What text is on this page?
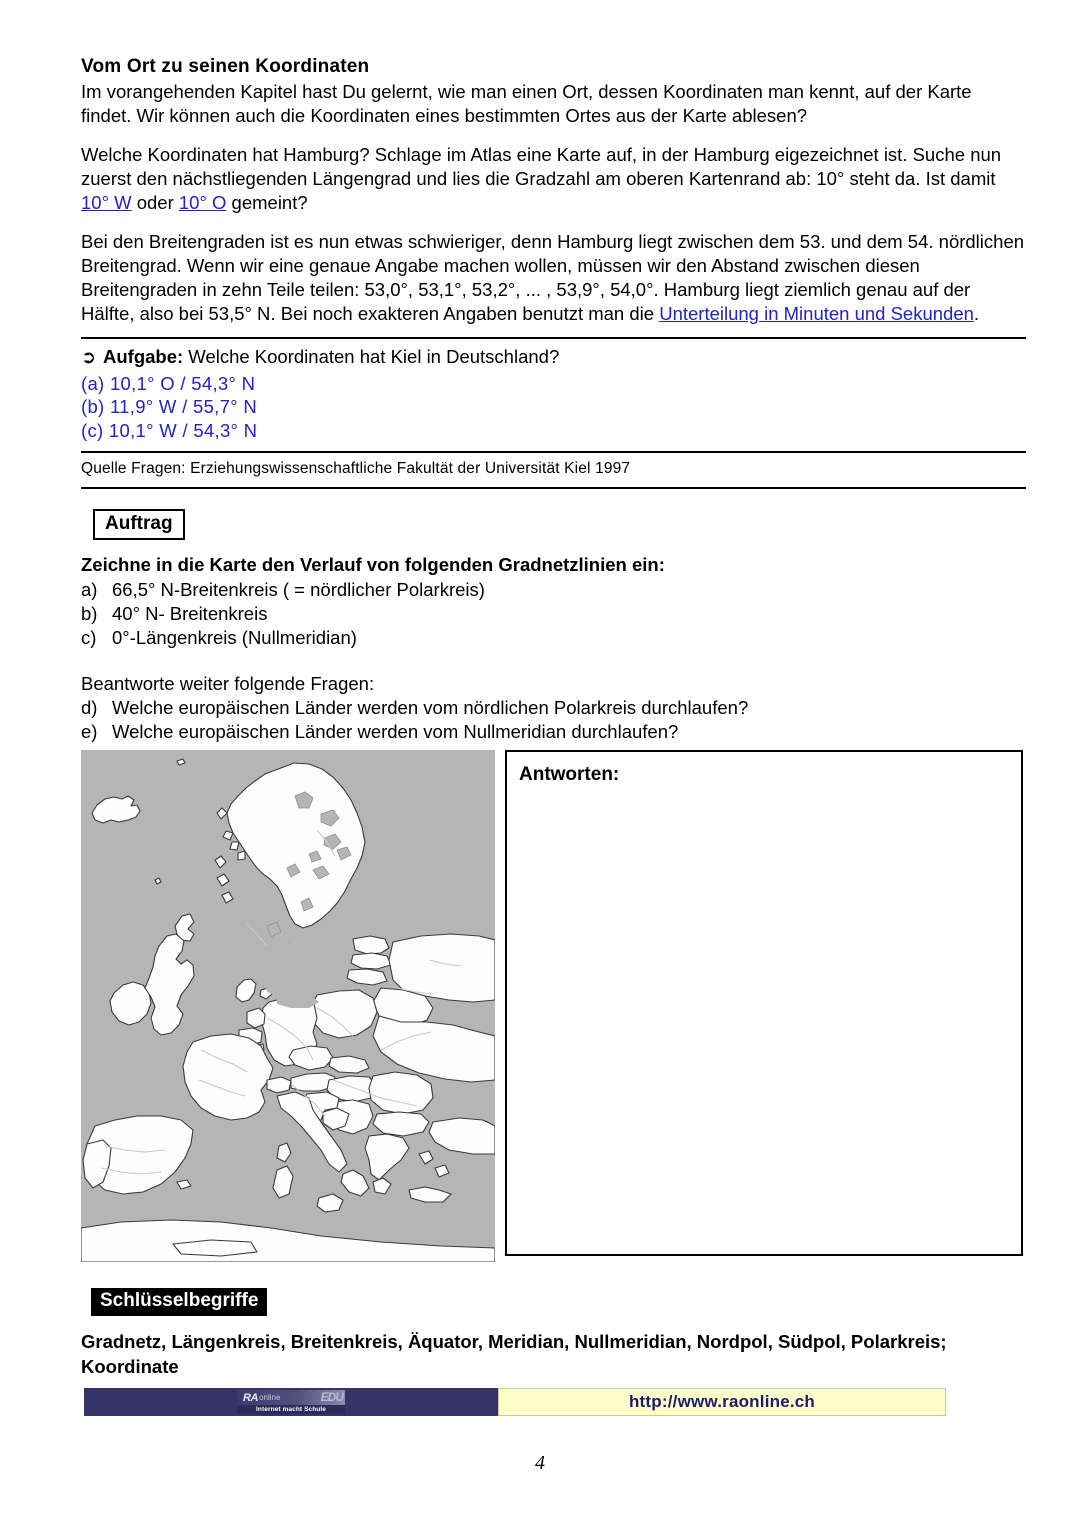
Vom Ort zu seinen Koordinaten

Im vorangehenden Kapitel hast Du gelernt, wie man einen Ort, dessen Koordinaten man kennt, auf der Karte findet. Wir können auch die Koordinaten eines bestimmten Ortes aus der Karte ablesen?

Welche Koordinaten hat Hamburg? Schlage im Atlas eine Karte auf, in der Hamburg eigezeichnet ist. Suche nun zuerst den nächstliegenden Längengrad und lies die Gradzahl am oberen Kartenrand ab: 10° steht da. Ist damit 10° W oder 10° O gemeint?

Bei den Breitengraden ist es nun etwas schwieriger, denn Hamburg liegt zwischen dem 53. und dem 54. nördlichen Breitengrad. Wenn wir eine genaue Angabe machen wollen, müssen wir den Abstand zwischen diesen Breitengraden in zehn Teile teilen: 53,0°, 53,1°, 53,2°, ... , 53,9°, 54,0°. Hamburg liegt ziemlich genau auf der Hälfte, also bei 53,5° N. Bei noch exakteren Angaben benutzt man die Unterteilung in Minuten und Sekunden.

➲ Aufgabe: Welche Koordinaten hat Kiel in Deutschland?

(a) 10,1° O / 54,3° N

(b) 11,9° W / 55,7° N

(c) 10,1° W / 54,3° N

Quelle Fragen: Erziehungswissenschaftliche Fakultät der Universität Kiel 1997

Auftrag

Zeichne in die Karte den Verlauf von folgenden Gradnetzlinien ein:

a) 66,5° N-Breitenkreis ( = nördlicher Polarkreis)

b) 40° N- Breitenkreis

c) 0°-Längenkreis (Nullmeridian)

Beantworte weiter folgende Fragen:

d) Welche europäischen Länder werden vom nördlichen Polarkreis durchlaufen?

e) Welche europäischen Länder werden vom Nullmeridian durchlaufen?

Antworten:
Schlüsselbegriffe

Gradnetz, Längenkreis, Breitenkreis, Äquator, Meridian, Nullmeridian, Nordpol, Südpol, Polarkreis; Koordinate

RA online	EDU
Internet macht Schule	http://www.raonline.ch
4
